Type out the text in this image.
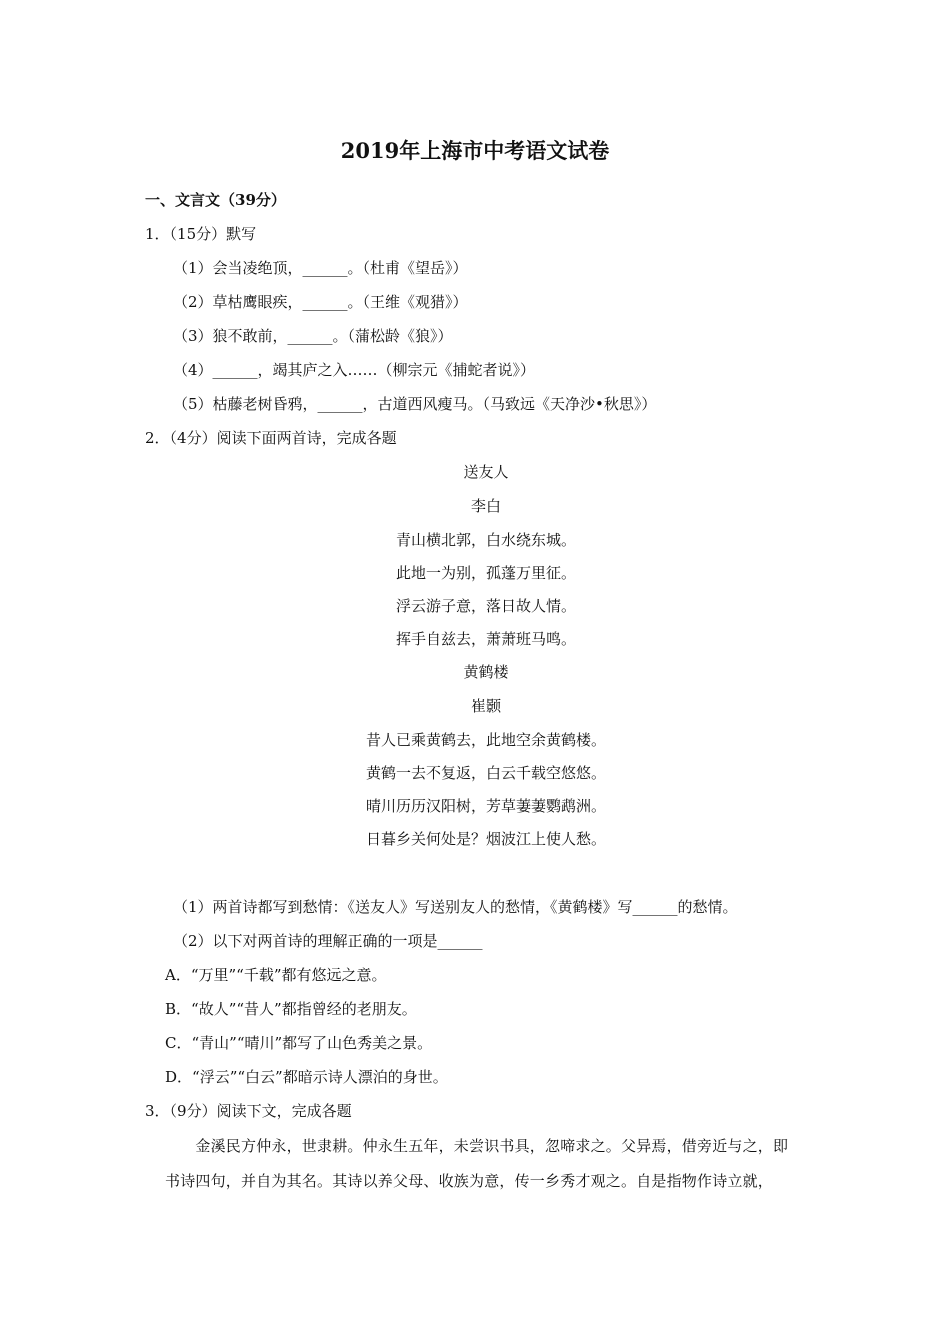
2019年上海市中考语文试卷
一、文言文（39分）
1．（15分）默写
（1）会当凌绝顶，______。（杜甫《望岳》）
（2）草枯鹰眼疾，______。（王维《观猎》）
（3）狼不敢前，______。（蒲松龄《狼》）
（4）______，竭其庐之入……（柳宗元《捕蛇者说》）
（5）枯藤老树昏鸦，______，古道西风瘦马。（马致远《天净沙•秋思》）
2．（4分）阅读下面两首诗，完成各题
送友人
李白
青山横北郭，白水绕东城。
此地一为别，孤蓬万里征。
浮云游子意，落日故人情。
挥手自兹去，萧萧班马鸣。
黄鹤楼
崔颢
昔人已乘黄鹤去，此地空余黄鹤楼。
黄鹤一去不复返，白云千载空悠悠。
晴川历历汉阳树，芳草萋萋鹦鹉洲。
日暮乡关何处是？烟波江上使人愁。
（1）两首诗都写到愁情：《送友人》写送别友人的愁情，《黄鹤楼》写______的愁情。
（2）以下对两首诗的理解正确的一项是______
A．“万里”“千载”都有悠远之意。
B．“故人”“昔人”都指曾经的老朋友。
C．“青山”“晴川”都写了山色秀美之景。
D．“浮云”“白云”都暗示诗人漂泊的身世。
3．（9分）阅读下文，完成各题
　　金溪民方仲永，世隶耕。仲永生五年，未尝识书具，忽啼求之。父异焉，借旁近与之，即
书诗四句，并自为其名。其诗以养父母、收族为意，传一乡秀才观之。自是指物作诗立就，
